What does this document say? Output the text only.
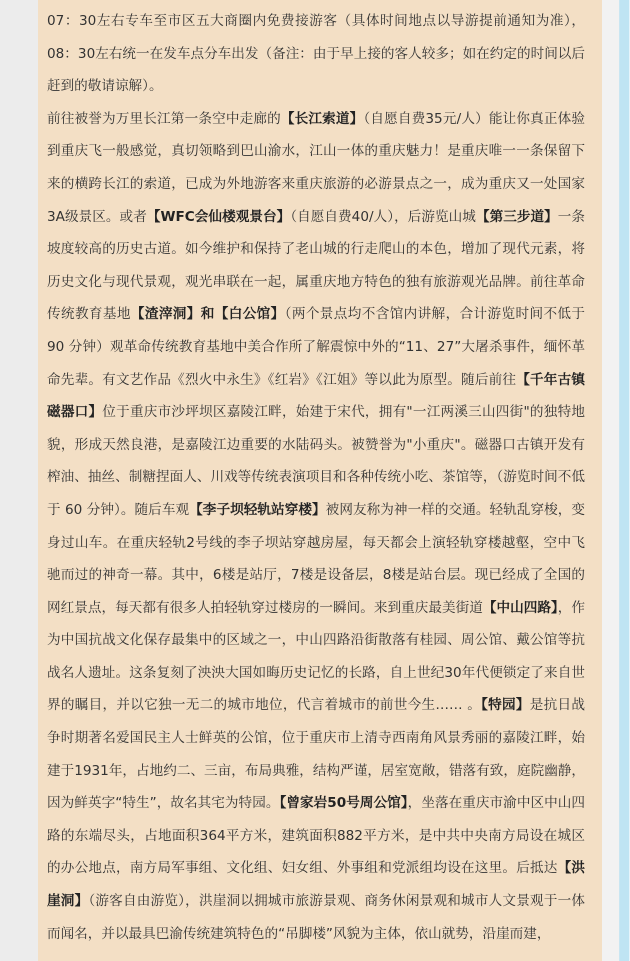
07：30左右专车至市区五大商圈内免费接游客（具体时间地点以导游提前通知为准），08：30左右统一在发车点分车出发（备注：由于早上接的客人较多；如在约定的时间以后赶到的敬请谅解）。

前往被誉为万里长江第一条空中走廊的【长江索道】（自愿自费35元/人）能让你真正体验到重庆飞一般感觉，真切领略到巴山渝水，江山一体的重庆魅力！是重庆唯一一条保留下来的横跨长江的索道，已成为外地游客来重庆旅游的必游景点之一，成为重庆又一处国家3A级景区。或者【WFC会仙楼观景台】（自愿自费40/人），后游览山城【第三步道】一条坡度较高的历史古道。如今维护和保持了老山城的行走爬山的本色，增加了现代元素，将历史文化与现代景观，观光串联在一起，属重庆地方特色的独有旅游观光品牌。前往革命传统教育基地【渣滓洞】和【白公馆】（两个景点均不含馆内讲解，合计游览时间不低于 90 分钟）观革命传统教育基地中美合作所了解震惊中外的“11、27”大屠杀事件，缅怀革命先辈。有文艺作品《烈火中永生》《红岩》《江姐》等以此为原型。随后前往【千年古镇磁器口】位于重庆市沙坪坝区嘉陵江畔，始建于宋代，拥有"一江两溪三山四街"的独特地貌，形成天然良港，是嘉陵江边重要的水陆码头。被赞誉为"小重庆"。磁器口古镇开发有榨油、抽丝、制糖捏面人、川戏等传统表演项目和各种传统小吃、茶馆等，（游览时间不低于 60 分钟）。随后车观【李子坝轻轨站穿楼】被网友称为神一样的交通。轻轨乱穿梭，变身过山车。在重庆轻轨2号线的李子坝站穿越房屋，每天都会上演轻轨穿楼越壑，空中飞驰而过的神奇一幕。其中，6楼是站厅，7楼是设备层，8楼是站台层。现已经成了全国的网红景点，每天都有很多人拍轻轨穿过楼房的一瞬间。来到重庆最美街道【中山四路】，作为中国抗战文化保存最集中的区域之一，中山四路沿街散落有桂园、周公馆、戴公馆等抗战名人遗址。这条复刻了泱泱大国如晦历史记忆的长路，自上世纪30年代便锁定了来自世界的瞩目，并以它独一无二的城市地位，代言着城市的前世今生…… 。【特园】是抗日战争时期著名爱国民主人士鲜英的公馆，位于重庆市上清寺西南角风景秀丽的嘉陵江畔，始建于1931年，占地约二、三亩，布局典雅，结构严谨，居室宽敞，错落有致，庭院幽静，因为鲜英字“特生”，故名其宅为特园。【曾家岩50号周公馆】，坐落在重庆市渝中区中山四路的东端尽头，占地面积364平方米，建筑面积882平方米，是中共中央南方局设在城区的办公地点，南方局军事组、文化组、妇女组、外事组和党派组均设在这里。后抵达【洪崖洞】（游客自由游览），洪崖洞以拥城市旅游景观、商务休闲景观和城市人文景观于一体而闻名，并以最具巴渝传统建筑特色的“吊脚楼”风貌为主体，依山就势，沿崖而建，
